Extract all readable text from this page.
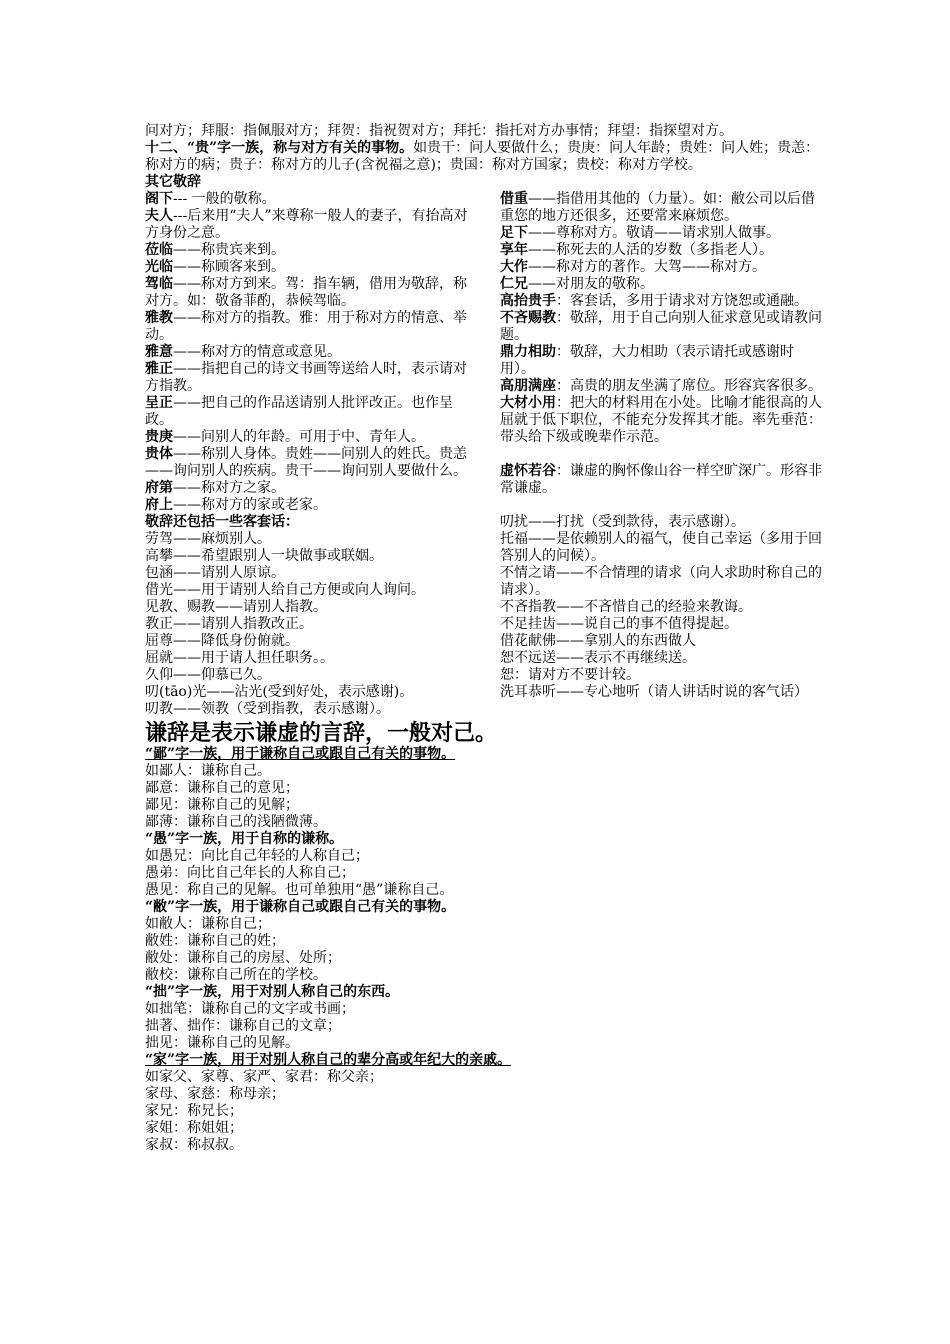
问对方；拜服：指佩服对方；拜贺：指祝贺对方；拜托：指托对方办事情；拜望：指探望对方。

十二、“贵”字一族，称与对方有关的事物。如贵干：问人要做什么；贵庚：问人年龄；贵姓：问人姓；贵恙：称对方的病；贵子：称对方的儿子(含祝福之意)；贵国：称对方国家；贵校：称对方学校。

其它敬辞

阁下--- 一般的敬称。

夫人---后来用“夫人”来尊称一般人的妻子，有抬高对方身份之意。

莅临——称贵宾来到。

光临——称顾客来到。

驾临——称对方到来。驾：指车辆，借用为敬辞，称对方。如：敬备菲酌，恭候驾临。

雅教——称对方的指教。雅：用于称对方的情意、举动。

雅意——称对方的情意或意见。

雅正——指把自己的诗文书画等送给人时，表示请对方指教。

呈正——把自己的作品送请别人批评改正。也作呈政。

贵庚——问别人的年龄。可用于中、青年人。

贵体——称别人身体。贵姓——问别人的姓氏。贵恙——询问别人的疾病。贵干——询问别人要做什么。

府第——称对方之家。

府上——称对方的家或老家。

敬辞还包括一些客套话：

劳驾——麻烦别人。

高攀——希望跟别人一块做事或联姻。

包涵——请别人原谅。

借光——用于请别人给自己方便或向人询问。

见教、赐教——请别人指教。

教正——请别人指教改正。

屈尊——降低身份俯就。

屈就——用于请人担任职务。。

久仰——仰慕已久。

叨(tāo)光——沾光(受到好处，表示感谢)。

叨教——领教（受到指教，表示感谢）。

借重——指借用其他的（力量）。如：敝公司以后借重您的地方还很多，还要常来麻烦您。

足下——尊称对方。敬请——请求别人做事。

享年——称死去的人活的岁数（多指老人）。

大作——称对方的著作。大驾——称对方。

仁兄——对朋友的敬称。

高抬贵手：客套话，多用于请求对方饶恕或通融。

不吝赐教：敬辞，用于自己向别人征求意见或请教问题。

鼎力相助：敬辞，大力相助（表示请托或感谢时用）。

高朋满座：高贵的朋友坐满了席位。形容宾客很多。

大材小用：把大的材料用在小处。比喻才能很高的人屈就于低下职位，不能充分发挥其才能。率先垂范：带头给下级或晚辈作示范。

虚怀若谷：谦虚的胸怀像山谷一样空旷深广。形容非常谦虚。

叨扰——打扰（受到款待，表示感谢）。

托福——是依赖别人的福气，使自己幸运（多用于回答别人的问候）。

不情之请——不合情理的请求（向人求助时称自己的请求）。

不吝指教——不吝惜自己的经验来教诲。

不足挂齿——说自己的事不值得提起。

借花献佛——拿别人的东西做人

恕不远送——表示不再继续送。

恕：请对方不要计较。

洗耳恭听——专心地听（请人讲话时说的客气话）

谦辞是表示谦虚的言辞，一般对己。

“鄙”字一族，用于谦称自己或跟自己有关的事物。

如鄙人：谦称自己。

鄙意：谦称自己的意见；

鄙见：谦称自己的见解；

鄙薄：谦称自己的浅陋微薄。

“愚”字一族，用于自称的谦称。

如愚兄：向比自己年轻的人称自己；

愚弟：向比自己年长的人称自己；

愚见：称自己的见解。也可单独用“愚”谦称自己。

“敝”字一族，用于谦称自己或跟自己有关的事物。

如敝人：谦称自己；

敝姓：谦称自己的姓；

敝处：谦称自己的房屋、处所；

敝校：谦称自己所在的学校。

“拙”字一族，用于对别人称自己的东西。

如拙笔：谦称自己的文字或书画；

拙著、拙作：谦称自己的文章；

拙见：谦称自己的见解。

“家”字一族，用于对别人称自己的辈分高或年纪大的亲戚。

如家父、家尊、家严、家君：称父亲；

家母、家慈：称母亲；

家兄：称兄长；

家姐：称姐姐；

家叔：称叔叔。
